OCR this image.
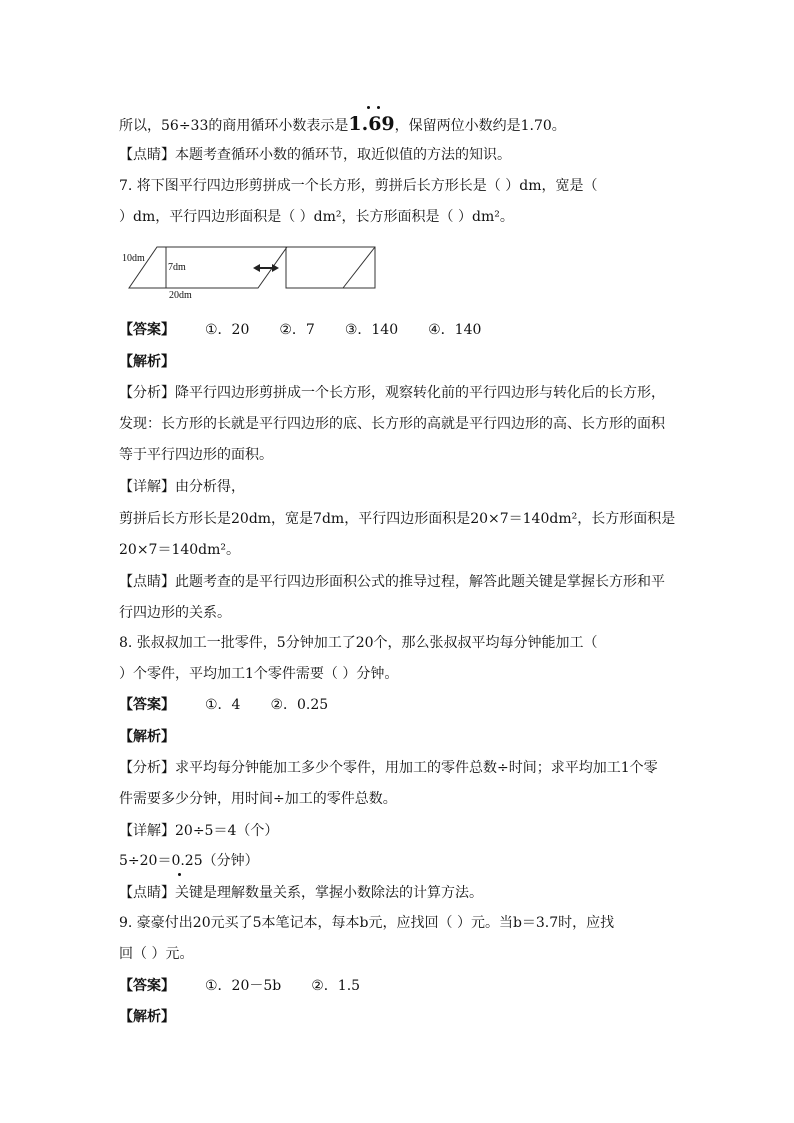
所以，56÷33的商用循环小数表示是1.69
，保留两位小数约是1.70。
【点睛】本题考查循环小数的循环节，取近似值的方法的知识。
7. 将下图平行四边形剪拼成一个长方形，剪拼后长方形长是（ ）dm，宽是（
）dm，平行四边形面积是（ ）dm²，长方形面积是（ ）dm²。
10dm
7dm
20dm
【答案】 ①．20 ②．7 ③．140 ④．140
【解析】
【分析】降平行四边形剪拼成一个长方形，观察转化前的平行四边形与转化后的长方形，
发现：长方形的长就是平行四边形的底、长方形的高就是平行四边形的高、长方形的面积
等于平行四边形的面积。
【详解】由分析得，
剪拼后长方形长是20dm，宽是7dm，平行四边形面积是20×7＝140dm²，长方形面积是
20×7＝140dm²。
【点睛】此题考查的是平行四边形面积公式的推导过程，解答此题关键是掌握长方形和平
行四边形的关系。
8. 张叔叔加工一批零件，5分钟加工了20个，那么张叔叔平均每分钟能加工（
）个零件，平均加工1个零件需要（ ）分钟。
【答案】 ①．4 ②．0.25
【解析】
【分析】求平均每分钟能加工多少个零件，用加工的零件总数÷时间；求平均加工1个零
件需要多少分钟，用时间÷加工的零件总数。
【详解】20÷5＝4（个）
5÷20＝0.25（分钟）
【点睛】关键是理解数量关系，掌握小数除法的计算方法。
9. 豪豪付出20元买了5本笔记本，每本b元，应找回（ ）元。当b＝3.7时，应找
回（ ）元。
【答案】 ①．20－5b ②．1.5
【解析】
